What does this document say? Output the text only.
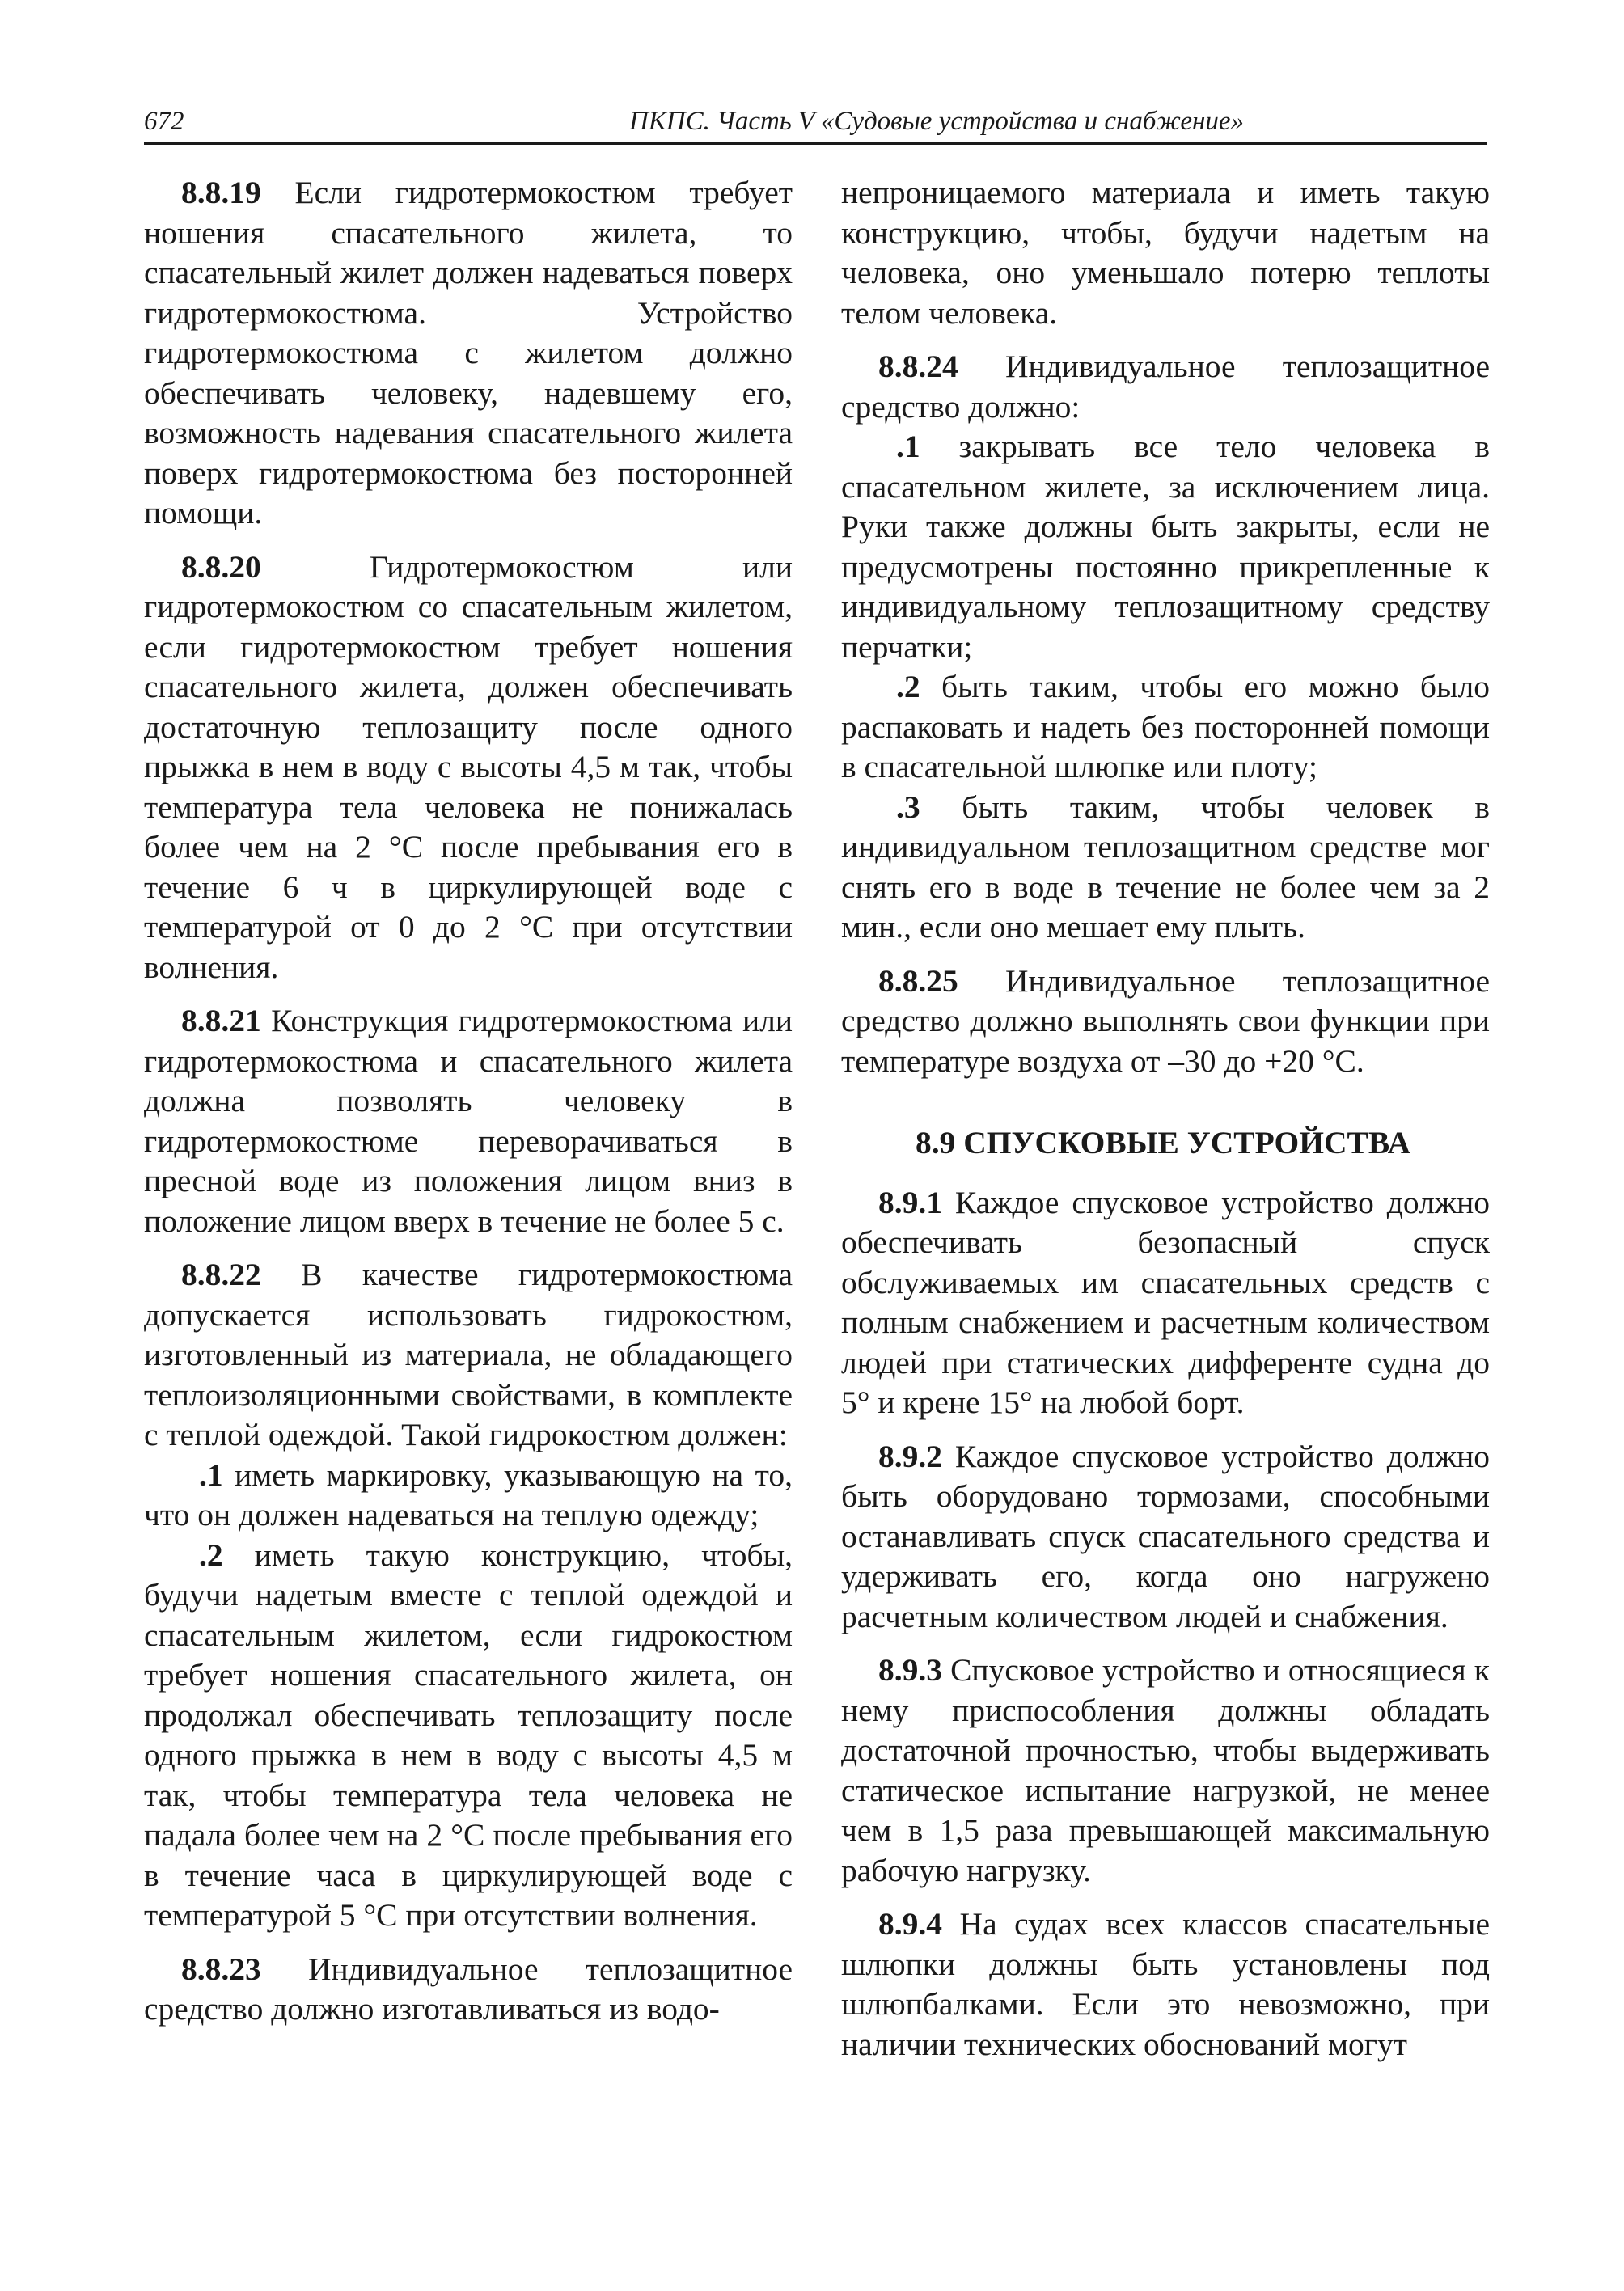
672	ПКПС. Часть V «Судовые устройства и снабжение»

8.8.19 Если гидротермокостюм требует ношения спасательного жилета, то спасательный жилет должен надеваться поверх гидротермокостюма. Устройство гидротермокостюма с жилетом должно обеспечивать человеку, надевшему его, возможность надевания спасательного жилета поверх гидротермокостюма без посторонней помощи.

8.8.20 Гидротермокостюм или гидротермокостюм со спасательным жилетом, если гидротермокостюм требует ношения спасательного жилета, должен обеспечивать достаточную теплозащиту после одного прыжка в нем в воду с высоты 4,5 м так, чтобы температура тела человека не понижалась более чем на 2 °С после пребывания его в течение 6 ч в циркулирующей воде с температурой от 0 до 2 °С при отсутствии волнения.

8.8.21 Конструкция гидротермокостюма или гидротермокостюма и спасательного жилета должна позволять человеку в гидротермокостюме переворачиваться в пресной воде из положения лицом вниз в положение лицом вверх в течение не более 5 с.

8.8.22 В качестве гидротермокостюма допускается использовать гидрокостюм, изготовленный из материала, не обладающего теплоизоляционными свойствами, в комплекте с теплой одеждой. Такой гидрокостюм должен:

.1 иметь маркировку, указывающую на то, что он должен надеваться на теплую одежду;

.2 иметь такую конструкцию, чтобы, будучи надетым вместе с теплой одеждой и спасательным жилетом, если гидрокостюм требует ношения спасательного жилета, он продолжал обеспечивать теплозащиту после одного прыжка в нем в воду с высоты 4,5 м так, чтобы температура тела человека не падала более чем на 2 °С после пребывания его в течение часа в циркулирующей воде с температурой 5 °С при отсутствии волнения.

8.8.23 Индивидуальное теплозащитное средство должно изготавливаться из водо-

непроницаемого материала и иметь такую конструкцию, чтобы, будучи надетым на человека, оно уменьшало потерю теплоты телом человека.

8.8.24 Индивидуальное теплозащитное средство должно:

.1 закрывать все тело человека в спасательном жилете, за исключением лица. Руки также должны быть закрыты, если не предусмотрены постоянно прикрепленные к индивидуальному теплозащитному средству перчатки;

.2 быть таким, чтобы его можно было распаковать и надеть без посторонней помощи в спасательной шлюпке или плоту;

.3 быть таким, чтобы человек в индивидуальном теплозащитном средстве мог снять его в воде в течение не более чем за 2 мин., если оно мешает ему плыть.

8.8.25 Индивидуальное теплозащитное средство должно выполнять свои функции при температуре воздуха от –30 до +20 °С.

8.9 СПУСКОВЫЕ УСТРОЙСТВА

8.9.1 Каждое спусковое устройство должно обеспечивать безопасный спуск обслуживаемых им спасательных средств с полным снабжением и расчетным количеством людей при статических дифференте судна до 5° и крене 15° на любой борт.

8.9.2 Каждое спусковое устройство должно быть оборудовано тормозами, способными останавливать спуск спасательного средства и удерживать его, когда оно нагружено расчетным количеством людей и снабжения.

8.9.3 Спусковое устройство и относящиеся к нему приспособления должны обладать достаточной прочностью, чтобы выдерживать статическое испытание нагрузкой, не менее чем в 1,5 раза превышающей максимальную рабочую нагрузку.

8.9.4 На судах всех классов спасательные шлюпки должны быть установлены под шлюпбалками. Если это невозможно, при наличии технических обоснований могут
